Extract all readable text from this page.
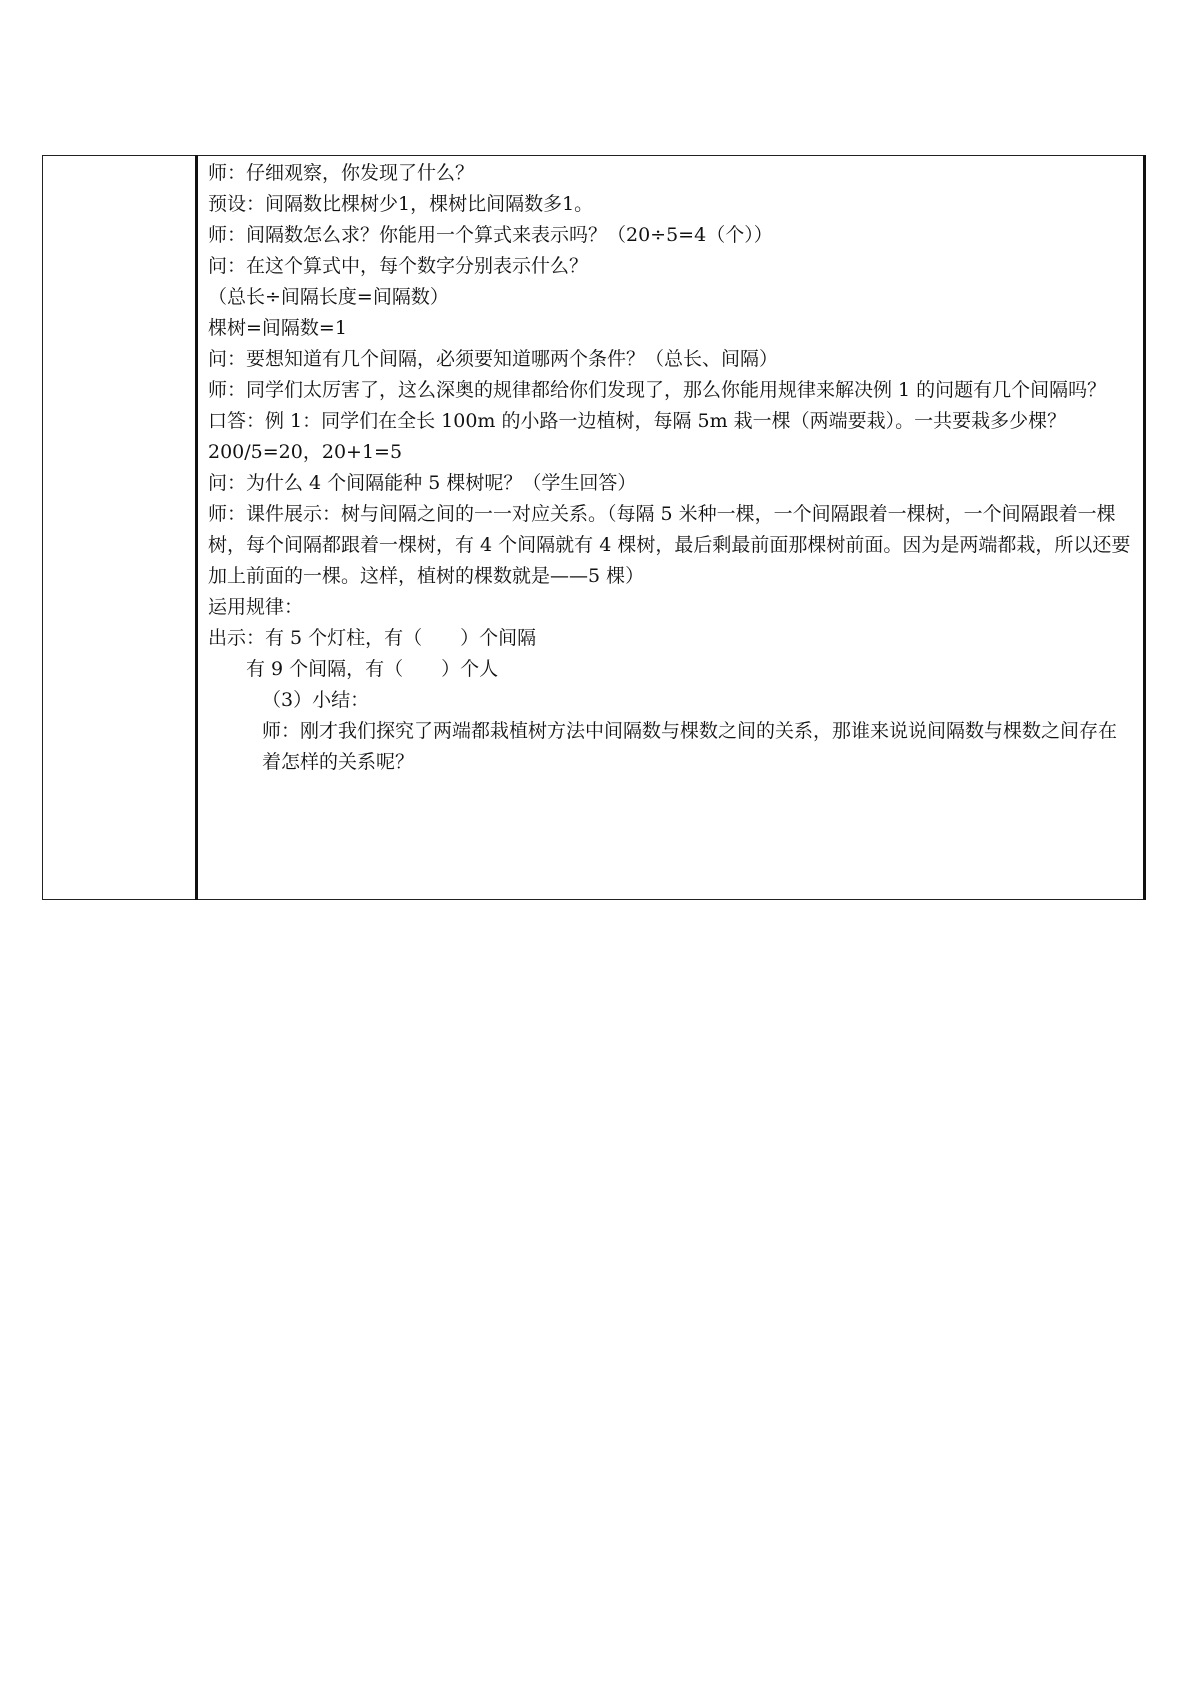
师：仔细观察，你发现了什么？
预设：间隔数比棵树少1，棵树比间隔数多1。
师：间隔数怎么求？你能用一个算式来表示吗？（20÷5=4（个））
问：在这个算式中，每个数字分别表示什么？
（总长÷间隔长度=间隔数）
棵树=间隔数=1
问：要想知道有几个间隔，必须要知道哪两个条件？（总长、间隔）
师：同学们太厉害了，这么深奥的规律都给你们发现了，那么你能用规律来解决例 1 的问题有几个间隔吗？
口答：例 1：同学们在全长 100m 的小路一边植树，每隔 5m 栽一棵（两端要栽）。一共要栽多少棵？
200/5=20，20+1=5
问：为什么 4 个间隔能种 5 棵树呢？（学生回答）
师：课件展示：树与间隔之间的一一对应关系。（每隔 5 米种一棵，一个间隔跟着一棵树，一个间隔跟着一棵树，每个间隔都跟着一棵树，有 4 个间隔就有 4 棵树，最后剩最前面那棵树前面。因为是两端都栽，所以还要加上前面的一棵。这样，植树的棵数就是——5 棵）
运用规律：
出示：有 5 个灯柱，有（　　）个间隔
有 9 个间隔，有（　　）个人
（3）小结：
师：刚才我们探究了两端都栽植树方法中间隔数与棵数之间的关系，那谁来说说间隔数与棵数之间存在着怎样的关系呢？
